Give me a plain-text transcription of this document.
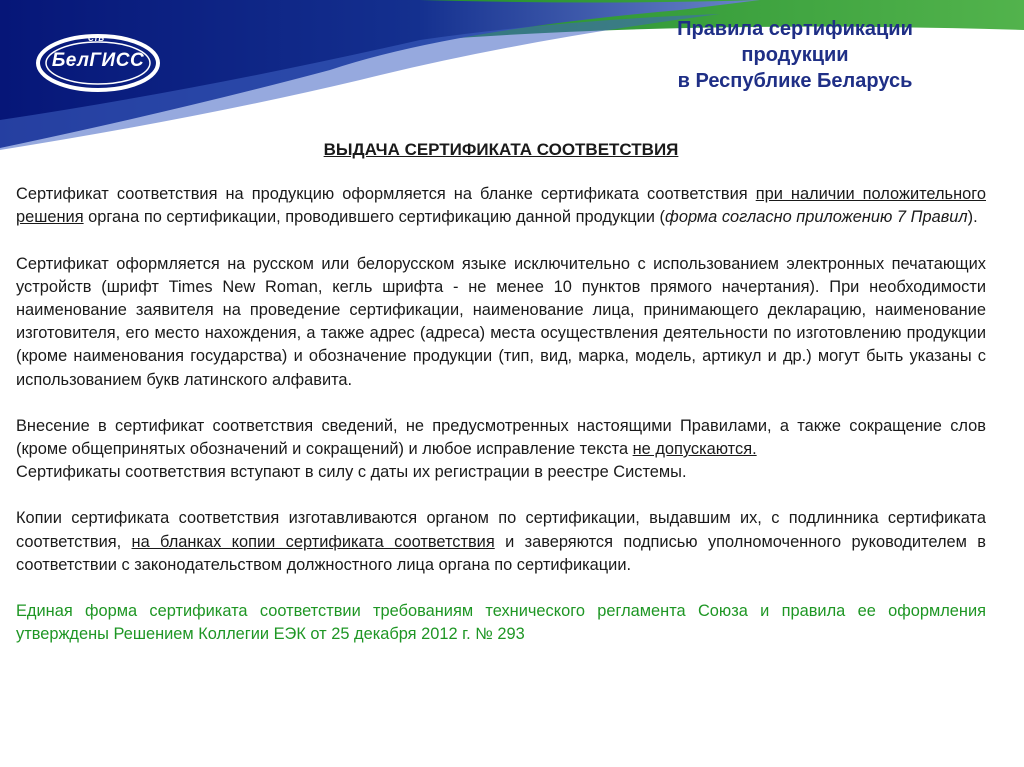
СТБ
БелГИСС
Правила сертификации
продукции
в Республике Беларусь
ВЫДАЧА СЕРТИФИКАТА СООТВЕТСТВИЯ

Сертификат соответствия на продукцию оформляется на бланке сертификата соответствия при наличии положительного решения органа по сертификации, проводившего сертификацию данной продукции (форма согласно приложению 7 Правил).

Сертификат оформляется на русском или белорусском языке исключительно с использованием электронных печатающих устройств (шрифт Times New Roman, кегль шрифта - не менее 10 пунктов прямого начертания). При необходимости наименование заявителя на проведение сертификации, наименование лица, принимающего декларацию, наименование изготовителя, его место нахождения, а также адрес (адреса) места осуществления деятельности по изготовлению продукции (кроме наименования государства) и обозначение продукции (тип, вид, марка, модель, артикул и др.) могут быть указаны с использованием букв латинского алфавита.

Внесение в сертификат соответствия сведений, не предусмотренных настоящими Правилами, а также сокращение слов (кроме общепринятых обозначений и сокращений) и любое исправление текста не допускаются.

Сертификаты соответствия вступают в силу с даты их регистрации в реестре Системы.

Копии сертификата соответствия изготавливаются органом по сертификации, выдавшим их, с подлинника сертификата соответствия, на бланках копии сертификата соответствия и заверяются подписью уполномоченного руководителем в соответствии с законодательством должностного лица органа по сертификации.

Единая форма сертификата соответствии требованиям технического регламента Союза и правила ее оформления утверждены Решением Коллегии ЕЭК от 25 декабря 2012 г. № 293
